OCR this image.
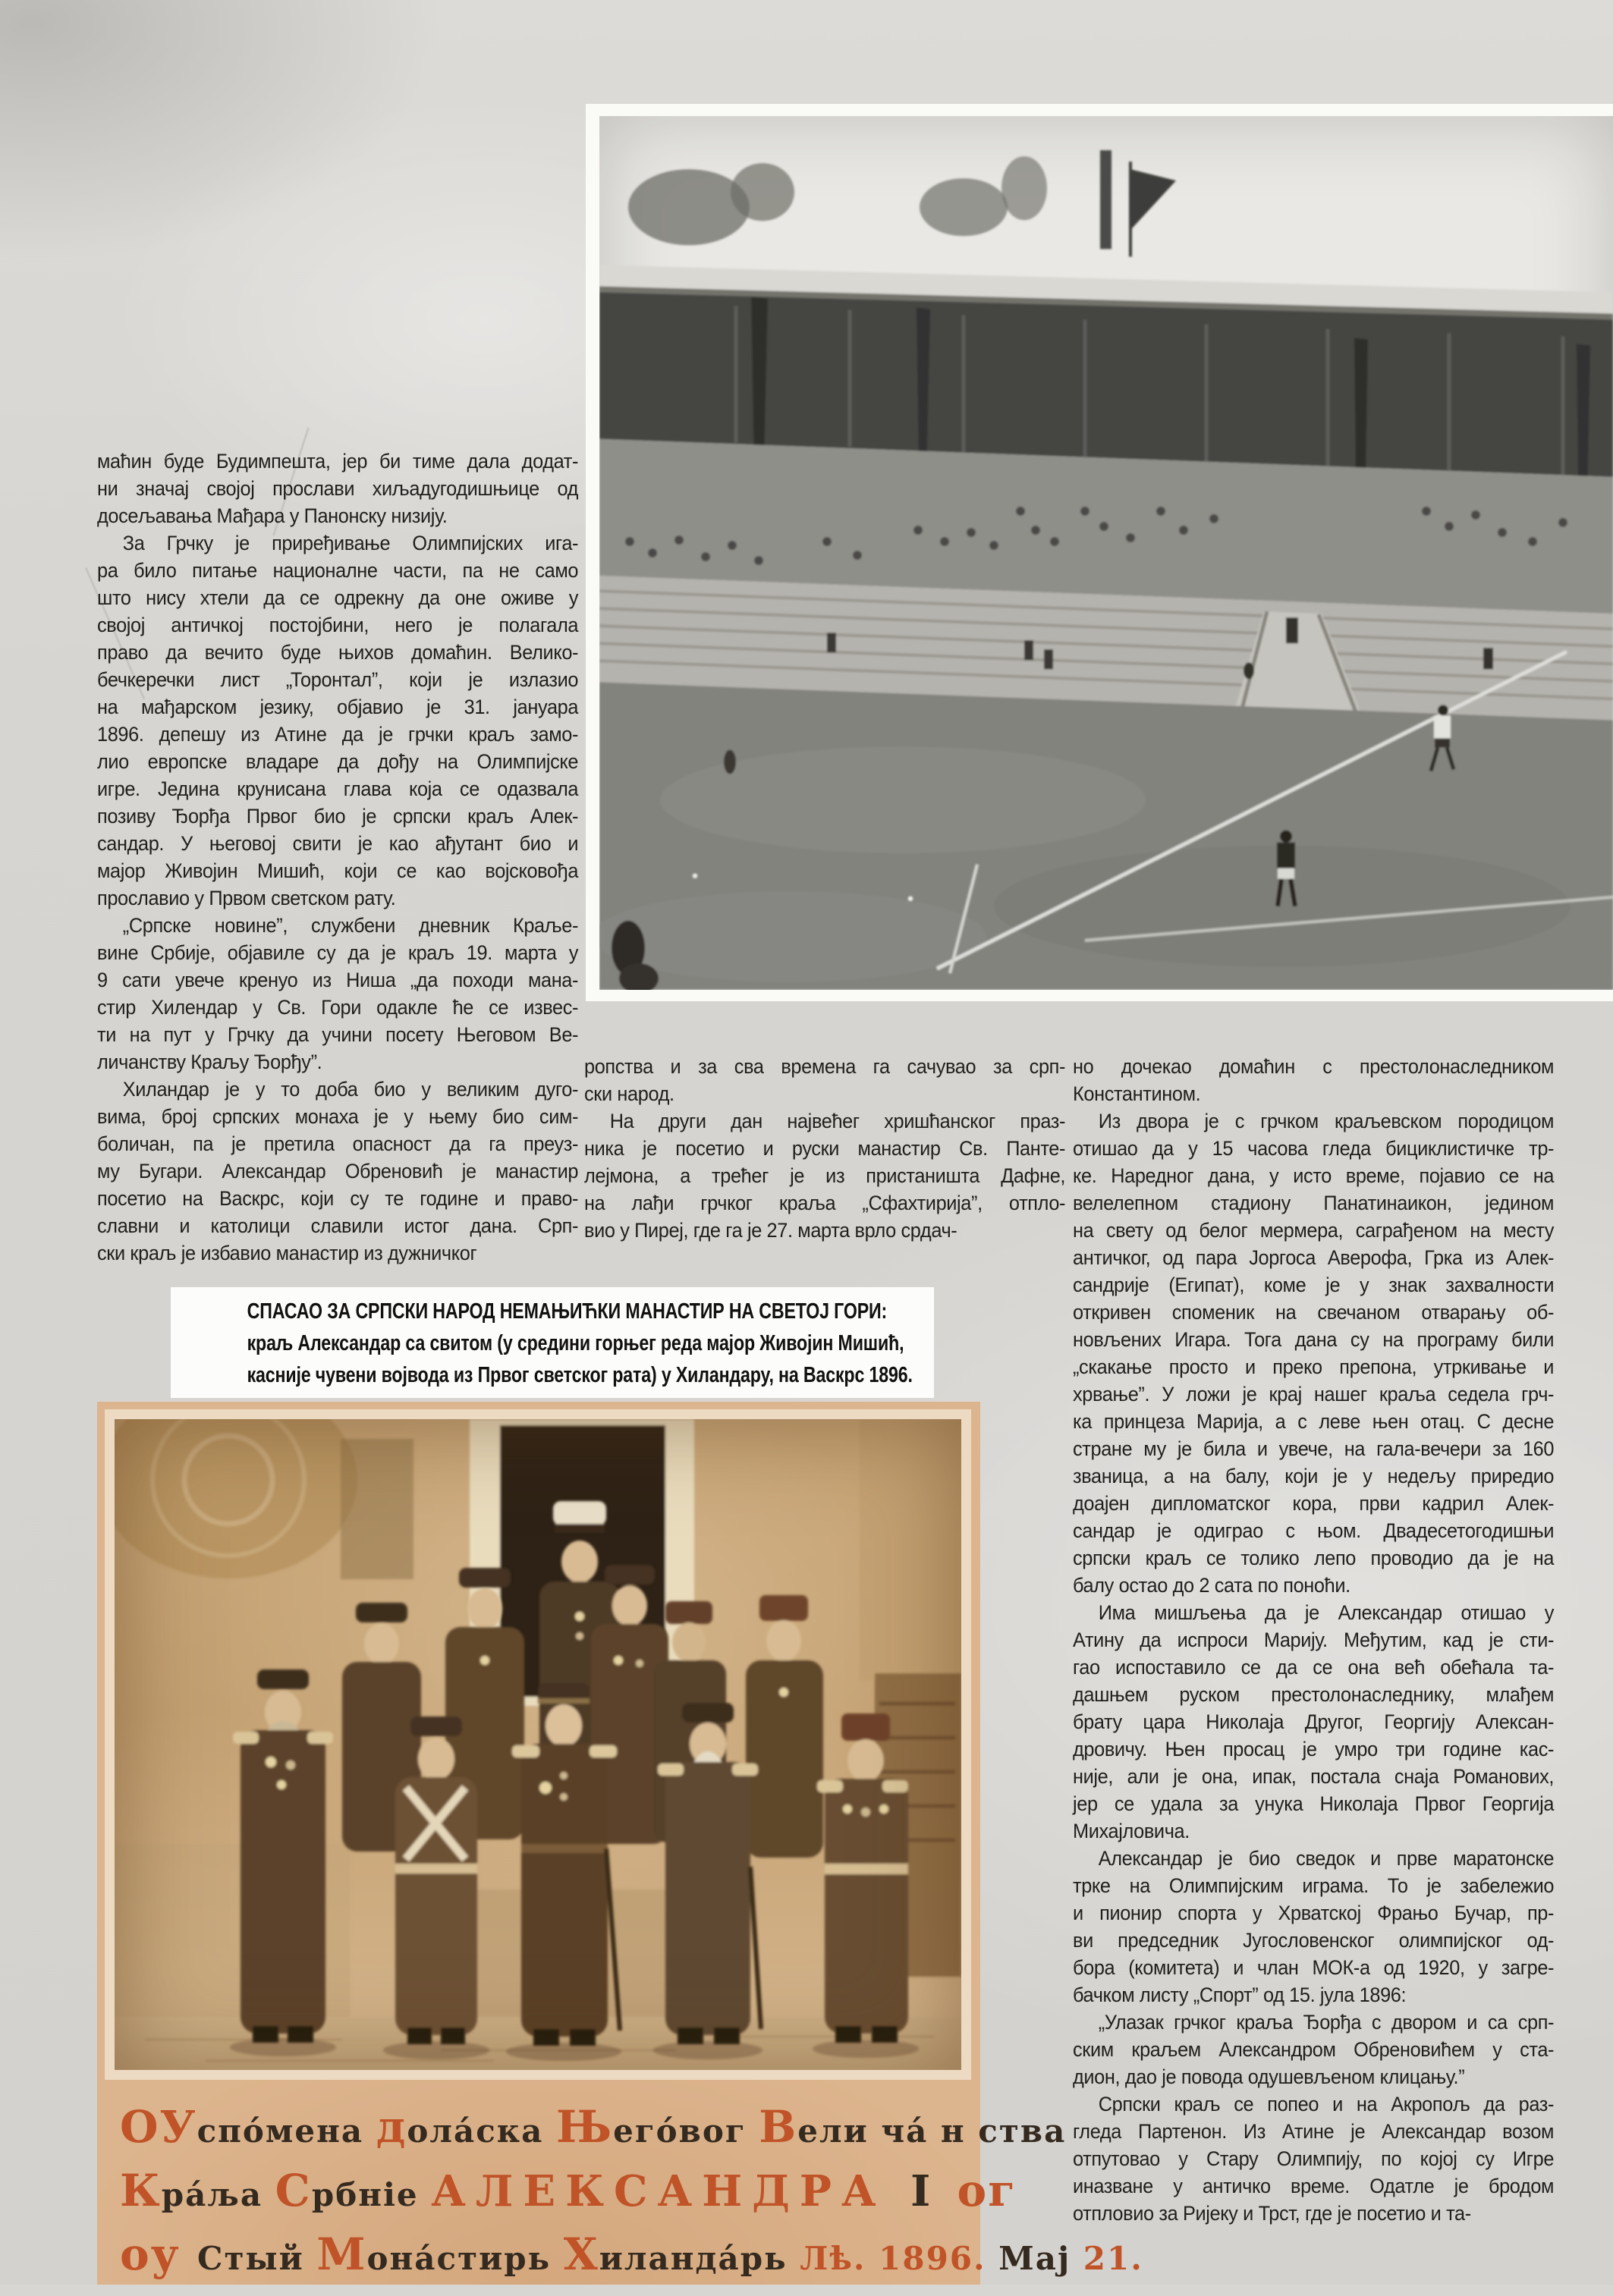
маћин буде Будимпешта, јер би тиме дала додат-
ни значај својој прослави хиљадугодишњице од
досељавања Мађара у Панонску низију.
За Грчку је приређивање Олимпијских ига-
ра било питање националне части, па не само
што нису хтели да се одрекну да оне оживе у
својој античкој постојбини, него је полагала
право да вечито буде њихов домаћин. Велико-
бечкеречки лист „Торонтал”, који је излазио
на мађарском језику, објавио је 31. јануара
1896. депешу из Атине да је грчки краљ замо-
лио европске владаре да дођу на Олимпијске
игре. Једина крунисана глава која се одазвала
позиву Ђорђа Првог био је српски краљ Алек-
сандар. У његовој свити је као ађутант био и
мајор Живојин Мишић, који се као војсковођа
прославио у Првом светском рату.
„Српске новине”, службени дневник Краље-
вине Србије, објавиле су да је краљ 19. марта у
9 сати увече кренуо из Ниша „да походи мана-
стир Хилендар у Св. Гори одакле ће се извес-
ти на пут у Грчку да учини посету Његовом Ве-
личанству Краљу Ђорђу”.
Хиландар је у то доба био у великим дуго-
вима, број српских монаха је у њему био сим-
боличан, па је претила опасност да га преуз-
му Бугари. Александар Обреновић је манастир
посетио на Васкрс, који су те године и право-
славни и католици славили истог дана. Срп-
ски краљ је избавио манастир из дужничког
ропства и за сва времена га сачувао за срп-
ски народ.
На други дан највећег хришћанског праз-
ника је посетио и руски манастир Св. Панте-
лејмона, а трећег је из пристаништа Дафне,
на лађи грчког краља „Сфахтирија”, отпло-
вио у Пиреј, где га је 27. марта врло срдач-
но дочекао домаћин с престолонаследником
Константином.
Из двора је с грчком краљевском породицом
отишао да у 15 часова гледа бициклистичке тр-
ке. Наредног дана, у исто време, појавио се на
велелепном стадиону Панатинаикон, једином
на свету од белог мермера, саграђеном на месту
античког, од пара Јоргоса Аверофа, Грка из Алек-
сандрије (Египат), коме је у знак захвалности
откривен споменик на свечаном отварању об-
новљених Игара. Тога дана су на програму били
„скакање просто и преко препона, утркивање и
хрвање”. У ложи је крај нашег краља седела грч-
ка принцеза Марија, а с леве њен отац. С десне
стране му је била и увече, на гала-вечери за 160
званица, а на балу, који је у недељу приредио
доајен дипломатског кора, први кадрил Алек-
сандар је одиграо с њом. Двадесетогодишњи
српски краљ се толико лепо проводио да је на
балу остао до 2 сата по поноћи.
Има мишљења да је Александар отишао у
Атину да испроси Марију. Међутим, кад је сти-
гао испоставило се да се она већ обећала та-
дашњем руском престолонаследнику, млађем
брату цара Николаја Другог, Георгију Алексан-
дровичу. Њен просац је умро три године кас-
није, али је она, ипак, постала снаја Романових,
јер се удала за унука Николаја Првог Георгија
Михајловича.
Александар је био сведок и прве маратонске
трке на Олимпијским играма. То је забележио
и пионир спорта у Хрватској Фрањо Бучар, пр-
ви председник Југословенског олимпијског од-
бора (комитета) и члан МОК-а од 1920, у загре-
бачком листу „Спорт” од 15. јула 1896:
„Улазак грчког краља Ђорђа с двором и са срп-
ским краљем Александром Обреновићем у ста-
дион, дао је повода одушевљеном клицању.”
Српски краљ се попео и на Акропољ да раз-
гледа Партенон. Из Атине је Александар возом
отпутовао у Стару Олимпију, по којој су Игре
иназване у античко време. Одатле је бродом
отпловио за Ријеку и Трст, где је посетио и та-
СПАСАО ЗА СРПСКИ НАРОД НЕМАЊИЋКИ МАНАСТИР НА СВЕТОЈ ГОРИ:
краљ Александар са свитом (у средини горњег реда мајор Живојин Мишић,
касније чувени војвода из Првог светског рата) у Хиландару, на Васкрс 1896.
ОУспо́мена дола́ска Њего́вог Вели ча́ н ства
Кра́ља Србніе АЛЕКСАНДРА I ог
оу Стый Мона́стирь Хиланда́рь Лѣ. 1896. Мај 21.
